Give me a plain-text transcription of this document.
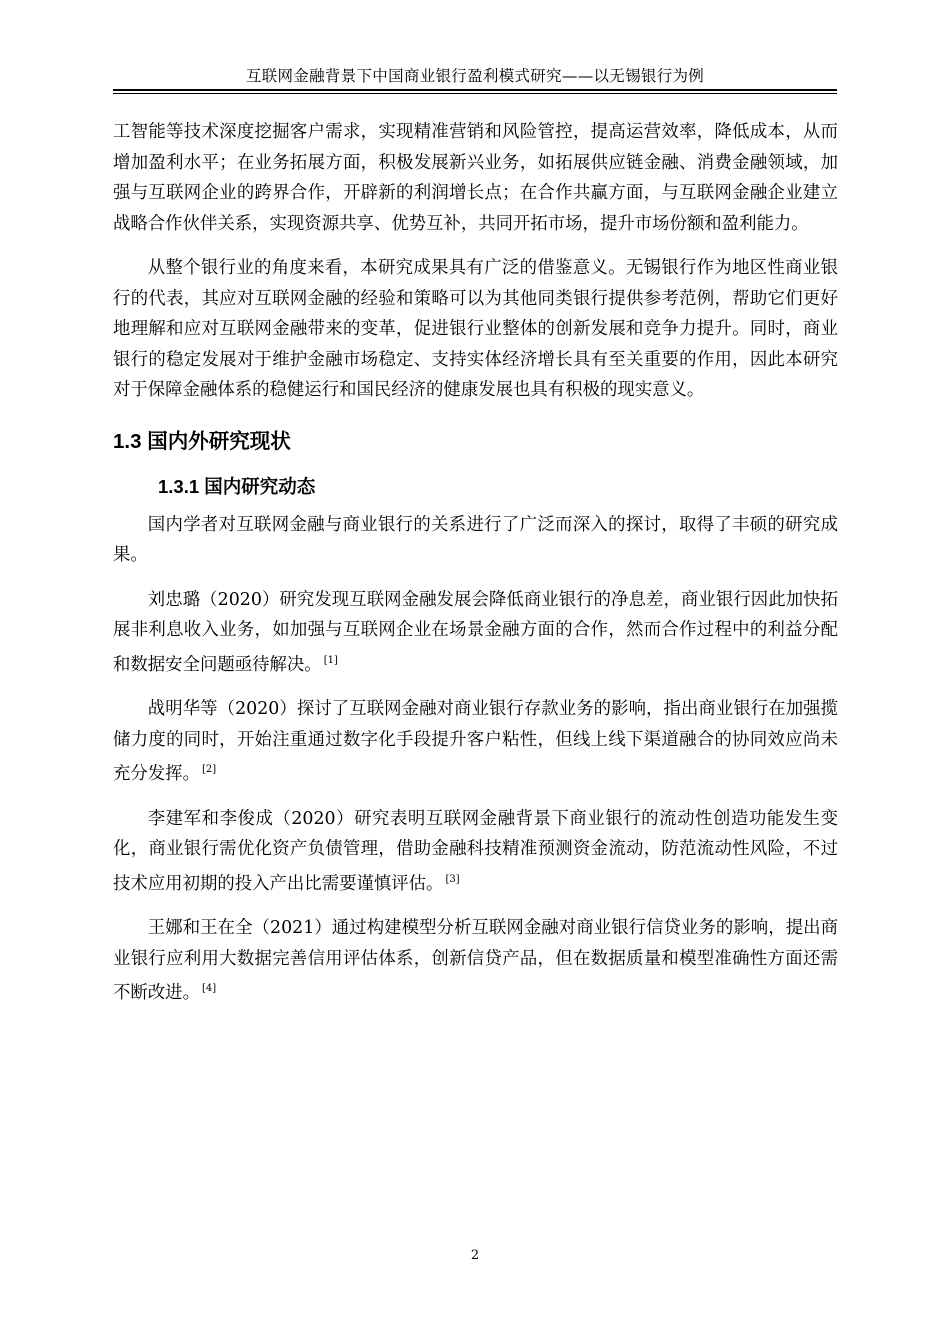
互联网金融背景下中国商业银行盈利模式研究——以无锡银行为例

工智能等技术深度挖掘客户需求，实现精准营销和风险管控，提高运营效率，降低成本，从而增加盈利水平；在业务拓展方面，积极发展新兴业务，如拓展供应链金融、消费金融领域，加强与互联网企业的跨界合作，开辟新的利润增长点；在合作共赢方面，与互联网金融企业建立战略合作伙伴关系，实现资源共享、优势互补，共同开拓市场，提升市场份额和盈利能力。

从整个银行业的角度来看，本研究成果具有广泛的借鉴意义。无锡银行作为地区性商业银行的代表，其应对互联网金融的经验和策略可以为其他同类银行提供参考范例，帮助它们更好地理解和应对互联网金融带来的变革，促进银行业整体的创新发展和竞争力提升。同时，商业银行的稳定发展对于维护金融市场稳定、支持实体经济增长具有至关重要的作用，因此本研究对于保障金融体系的稳健运行和国民经济的健康发展也具有积极的现实意义。

1.3 国内外研究现状
1.3.1 国内研究动态

国内学者对互联网金融与商业银行的关系进行了广泛而深入的探讨，取得了丰硕的研究成果。

刘忠璐（2020）研究发现互联网金融发展会降低商业银行的净息差，商业银行因此加快拓展非利息收入业务，如加强与互联网企业在场景金融方面的合作，然而合作过程中的利益分配和数据安全问题亟待解决。 [1]

战明华等（2020）探讨了互联网金融对商业银行存款业务的影响，指出商业银行在加强揽储力度的同时，开始注重通过数字化手段提升客户粘性，但线上线下渠道融合的协同效应尚未充分发挥。 [2]

李建军和李俊成（2020）研究表明互联网金融背景下商业银行的流动性创造功能发生变化，商业银行需优化资产负债管理，借助金融科技精准预测资金流动，防范流动性风险，不过技术应用初期的投入产出比需要谨慎评估。 [3]

王娜和王在全（2021）通过构建模型分析互联网金融对商业银行信贷业务的影响，提出商业银行应利用大数据完善信用评估体系，创新信贷产品，但在数据质量和模型准确性方面还需不断改进。 [4]

2
